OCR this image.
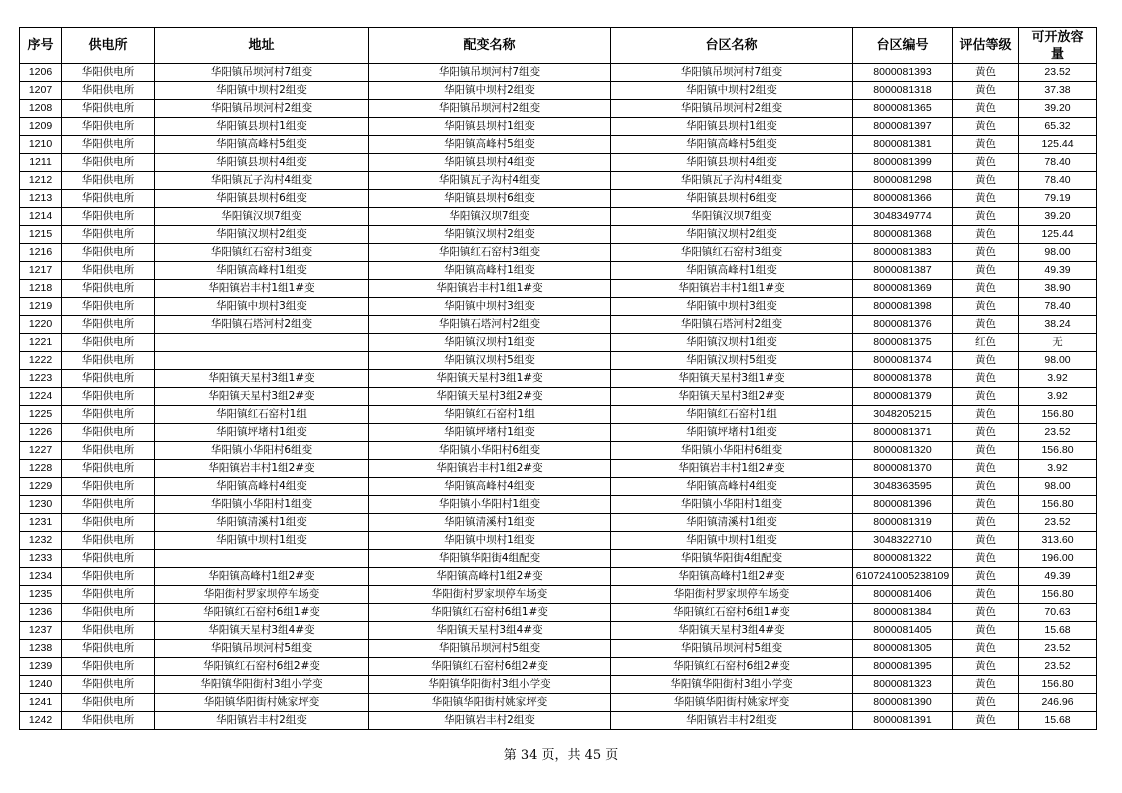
序号	供电所	地址	配变名称	台区名称	台区编号	评估等级	可开放容量
1206	华阳供电所	华阳镇吊坝河村7组变	华阳镇吊坝河村7组变	华阳镇吊坝河村7组变	8000081393	黄色	23.52
1207	华阳供电所	华阳镇中坝村2组变	华阳镇中坝村2组变	华阳镇中坝村2组变	8000081318	黄色	37.38
1208	华阳供电所	华阳镇吊坝河村2组变	华阳镇吊坝河村2组变	华阳镇吊坝河村2组变	8000081365	黄色	39.20
1209	华阳供电所	华阳镇县坝村1组变	华阳镇县坝村1组变	华阳镇县坝村1组变	8000081397	黄色	65.32
1210	华阳供电所	华阳镇高峰村5组变	华阳镇高峰村5组变	华阳镇高峰村5组变	8000081381	黄色	125.44
1211	华阳供电所	华阳镇县坝村4组变	华阳镇县坝村4组变	华阳镇县坝村4组变	8000081399	黄色	78.40
1212	华阳供电所	华阳镇瓦子沟村4组变	华阳镇瓦子沟村4组变	华阳镇瓦子沟村4组变	8000081298	黄色	78.40
1213	华阳供电所	华阳镇县坝村6组变	华阳镇县坝村6组变	华阳镇县坝村6组变	8000081366	黄色	79.19
1214	华阳供电所	华阳镇汉坝7组变	华阳镇汉坝7组变	华阳镇汉坝7组变	3048349774	黄色	39.20
1215	华阳供电所	华阳镇汉坝村2组变	华阳镇汉坝村2组变	华阳镇汉坝村2组变	8000081368	黄色	125.44
1216	华阳供电所	华阳镇红石窑村3组变	华阳镇红石窑村3组变	华阳镇红石窑村3组变	8000081383	黄色	98.00
1217	华阳供电所	华阳镇高峰村1组变	华阳镇高峰村1组变	华阳镇高峰村1组变	8000081387	黄色	49.39
1218	华阳供电所	华阳镇岩丰村1组1#变	华阳镇岩丰村1组1#变	华阳镇岩丰村1组1#变	8000081369	黄色	38.90
1219	华阳供电所	华阳镇中坝村3组变	华阳镇中坝村3组变	华阳镇中坝村3组变	8000081398	黄色	78.40
1220	华阳供电所	华阳镇石塔河村2组变	华阳镇石塔河村2组变	华阳镇石塔河村2组变	8000081376	黄色	38.24
1221	华阳供电所		华阳镇汉坝村1组变	华阳镇汉坝村1组变	8000081375	红色	无
1222	华阳供电所		华阳镇汉坝村5组变	华阳镇汉坝村5组变	8000081374	黄色	98.00
1223	华阳供电所	华阳镇天星村3组1#变	华阳镇天星村3组1#变	华阳镇天星村3组1#变	8000081378	黄色	3.92
1224	华阳供电所	华阳镇天星村3组2#变	华阳镇天星村3组2#变	华阳镇天星村3组2#变	8000081379	黄色	3.92
1225	华阳供电所	华阳镇红石窑村1组	华阳镇红石窑村1组	华阳镇红石窑村1组	3048205215	黄色	156.80
1226	华阳供电所	华阳镇坪堵村1组变	华阳镇坪堵村1组变	华阳镇坪堵村1组变	8000081371	黄色	23.52
1227	华阳供电所	华阳镇小华阳村6组变	华阳镇小华阳村6组变	华阳镇小华阳村6组变	8000081320	黄色	156.80
1228	华阳供电所	华阳镇岩丰村1组2#变	华阳镇岩丰村1组2#变	华阳镇岩丰村1组2#变	8000081370	黄色	3.92
1229	华阳供电所	华阳镇高峰村4组变	华阳镇高峰村4组变	华阳镇高峰村4组变	3048363595	黄色	98.00
1230	华阳供电所	华阳镇小华阳村1组变	华阳镇小华阳村1组变	华阳镇小华阳村1组变	8000081396	黄色	156.80
1231	华阳供电所	华阳镇清溪村1组变	华阳镇清溪村1组变	华阳镇清溪村1组变	8000081319	黄色	23.52
1232	华阳供电所	华阳镇中坝村1组变	华阳镇中坝村1组变	华阳镇中坝村1组变	3048322710	黄色	313.60
1233	华阳供电所		华阳镇华阳街4组配变	华阳镇华阳街4组配变	8000081322	黄色	196.00
1234	华阳供电所	华阳镇高峰村1组2#变	华阳镇高峰村1组2#变	华阳镇高峰村1组2#变	6107241005238109	黄色	49.39
1235	华阳供电所	华阳街村罗家坝停车场变	华阳街村罗家坝停车场变	华阳街村罗家坝停车场变	8000081406	黄色	156.80
1236	华阳供电所	华阳镇红石窑村6组1#变	华阳镇红石窑村6组1#变	华阳镇红石窑村6组1#变	8000081384	黄色	70.63
1237	华阳供电所	华阳镇天星村3组4#变	华阳镇天星村3组4#变	华阳镇天星村3组4#变	8000081405	黄色	15.68
1238	华阳供电所	华阳镇吊坝河村5组变	华阳镇吊坝河村5组变	华阳镇吊坝河村5组变	8000081305	黄色	23.52
1239	华阳供电所	华阳镇红石窑村6组2#变	华阳镇红石窑村6组2#变	华阳镇红石窑村6组2#变	8000081395	黄色	23.52
1240	华阳供电所	华阳镇华阳街村3组小学变	华阳镇华阳街村3组小学变	华阳镇华阳街村3组小学变	8000081323	黄色	156.80
1241	华阳供电所	华阳镇华阳街村姚家坪变	华阳镇华阳街村姚家坪变	华阳镇华阳街村姚家坪变	8000081390	黄色	246.96
1242	华阳供电所	华阳镇岩丰村2组变	华阳镇岩丰村2组变	华阳镇岩丰村2组变	8000081391	黄色	15.68
第 34 页，共 45 页
